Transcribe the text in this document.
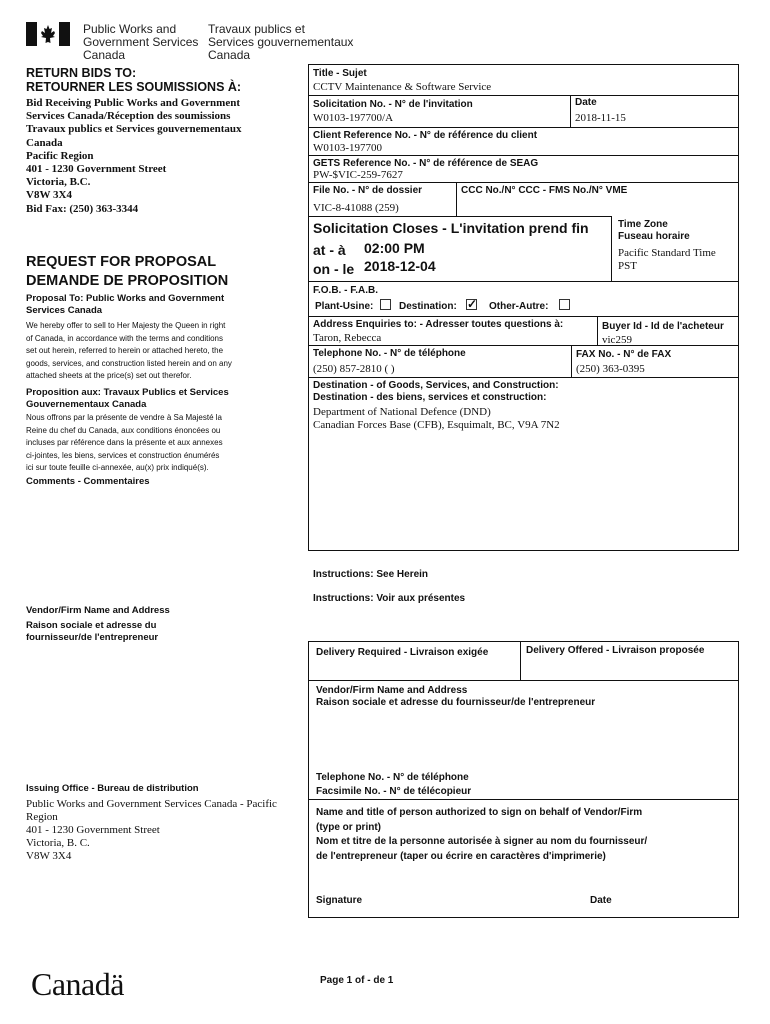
Public Works and
Government Services
Canada
Travaux publics et
Services gouvernementaux
Canada
RETURN BIDS TO:
RETOURNER LES SOUMISSIONS À:
Bid Receiving Public Works and Government
Services Canada/Réception des soumissions
Travaux publics et Services gouvernementaux
Canada
Pacific Region
401 - 1230 Government Street
Victoria, B.C.
V8W 3X4
Bid Fax: (250) 363-3344
REQUEST FOR PROPOSAL
DEMANDE DE PROPOSITION
Proposal To: Public Works and Government
Services Canada
We hereby offer to sell to Her Majesty the Queen in right
of Canada, in accordance with the terms and conditions
set out herein, referred to herein or attached hereto, the
goods, services, and construction listed herein and on any
attached sheets at the price(s) set out therefor.
Proposition aux: Travaux Publics et Services
Gouvernementaux Canada
Nous offrons par la présente de vendre à Sa Majesté la
Reine du chef du Canada, aux conditions énoncées ou
incluses par référence dans la présente et aux annexes
ci-jointes, les biens, services et construction énumérés
ici sur toute feuille ci-annexée, au(x) prix indiqué(s).
Comments - Commentaires
Vendor/Firm Name and Address
Raison sociale et adresse du
fournisseur/de l'entrepreneur
Issuing Office - Bureau de distribution
Public Works and Government Services Canada - Pacific
Region
401 - 1230 Government Street
Victoria, B. C.
V8W 3X4
Title - Sujet
CCTV Maintenance & Software Service
Solicitation No. - N° de l'invitation
W0103-197700/A
Date
2018-11-15
Client Reference No. - N° de référence du client
W0103-197700
GETS Reference No. - N° de référence de SEAG
PW-$VIC-259-7627
File No. - N° de dossier
VIC-8-41088 (259)
CCC No./N° CCC - FMS No./N° VME
Solicitation Closes - L'invitation prend fin
at - à 02:00 PM
on - le 2018-12-04
Time Zone
Fuseau horaire
Pacific Standard Time
PST
F.O.B. - F.A.B.
Plant-Usine:	Destination: ✓ Other-Autre:
Address Enquiries to: - Adresser toutes questions à:
Taron, Rebecca
Buyer Id - Id de l'acheteur
vic259
Telephone No. - N° de téléphone
(250) 857-2810 ( )
FAX No. - N° de FAX
(250) 363-0395
Destination - of Goods, Services, and Construction:
Destination - des biens, services et construction:
Department of National Defence (DND)
Canadian Forces Base (CFB), Esquimalt, BC, V9A 7N2
Instructions: See Herein
Instructions: Voir aux présentes
Delivery Required - Livraison exigée	Delivery Offered - Livraison proposée
Vendor/Firm Name and Address
Raison sociale et adresse du fournisseur/de l'entrepreneur
Telephone No. - N° de téléphone
Facsimile No. - N° de télécopieur
Name and title of person authorized to sign on behalf of Vendor/Firm
(type or print)
Nom et titre de la personne autorisée à signer au nom du fournisseur/
de l'entrepreneur (taper ou écrire en caractères d'imprimerie)
Signature	Date
Canadä	Page 1 of - de 1
